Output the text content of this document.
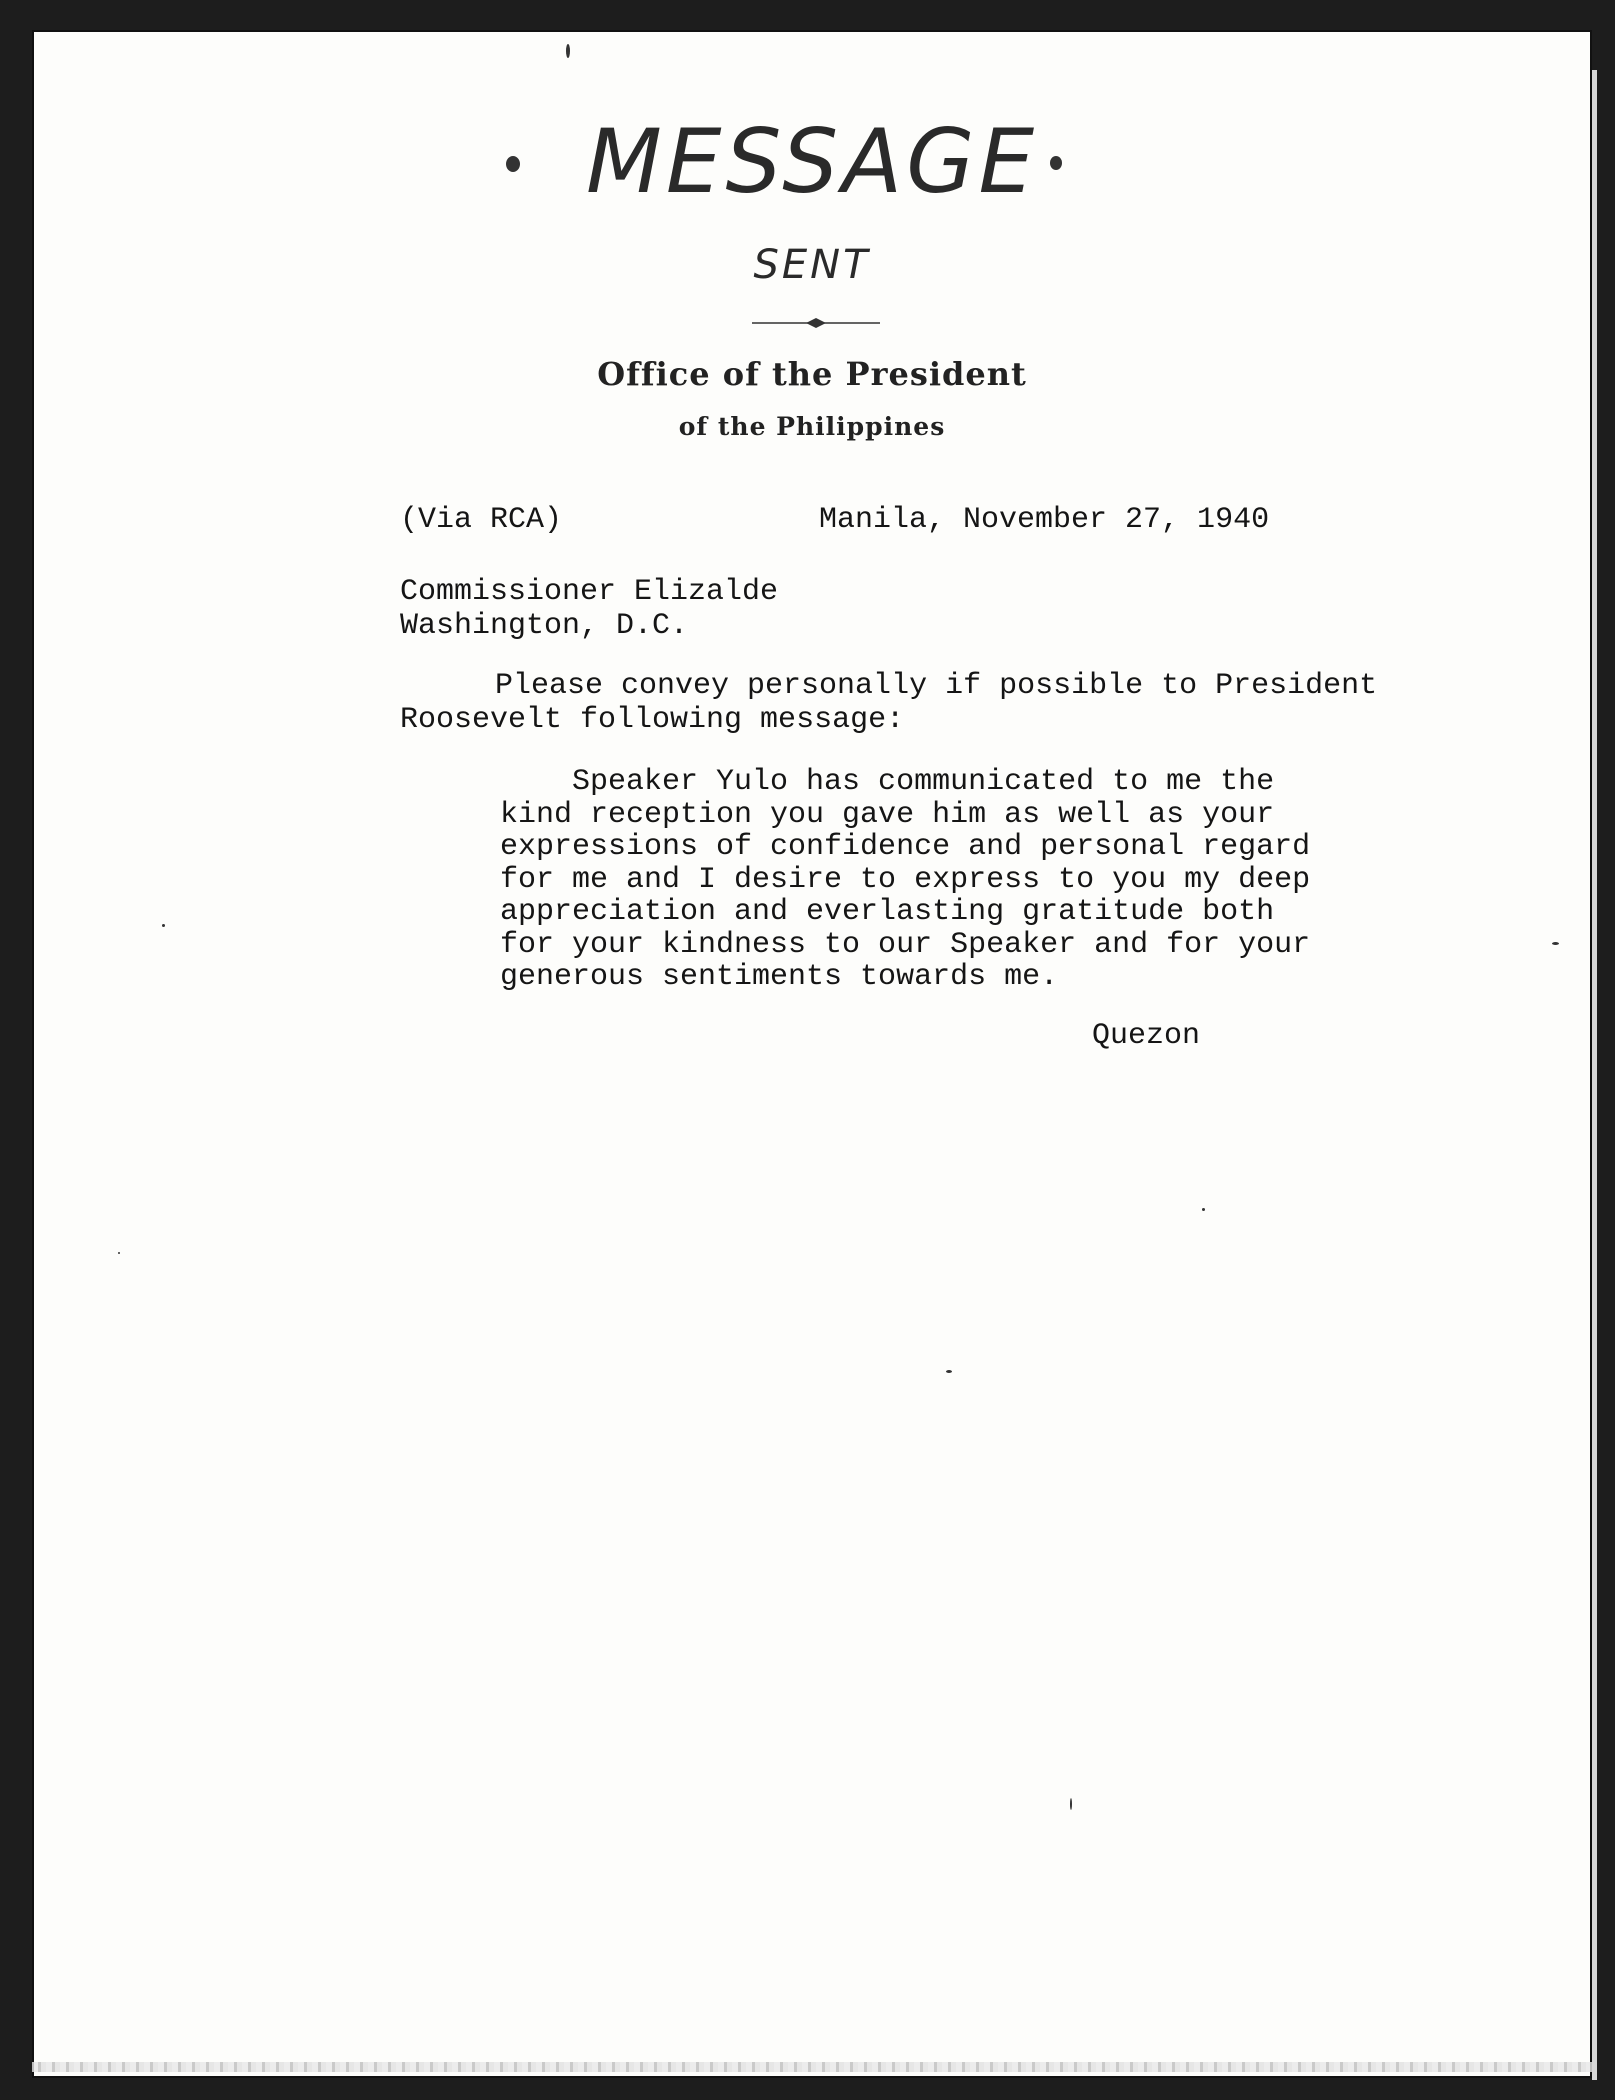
MESSAGE
SENT
Office of the President
of the Philippines
(Via RCA)	Manila, November 27, 1940
Commissioner Elizalde
Washington, D.C.
Please convey personally if possible to President
Roosevelt following message:
Speaker Yulo has communicated to me the
kind reception you gave him as well as your
expressions of confidence and personal regard
for me and I desire to express to you my deep
appreciation and everlasting gratitude both
for your kindness to our Speaker and for your
generous sentiments towards me.
Quezon
